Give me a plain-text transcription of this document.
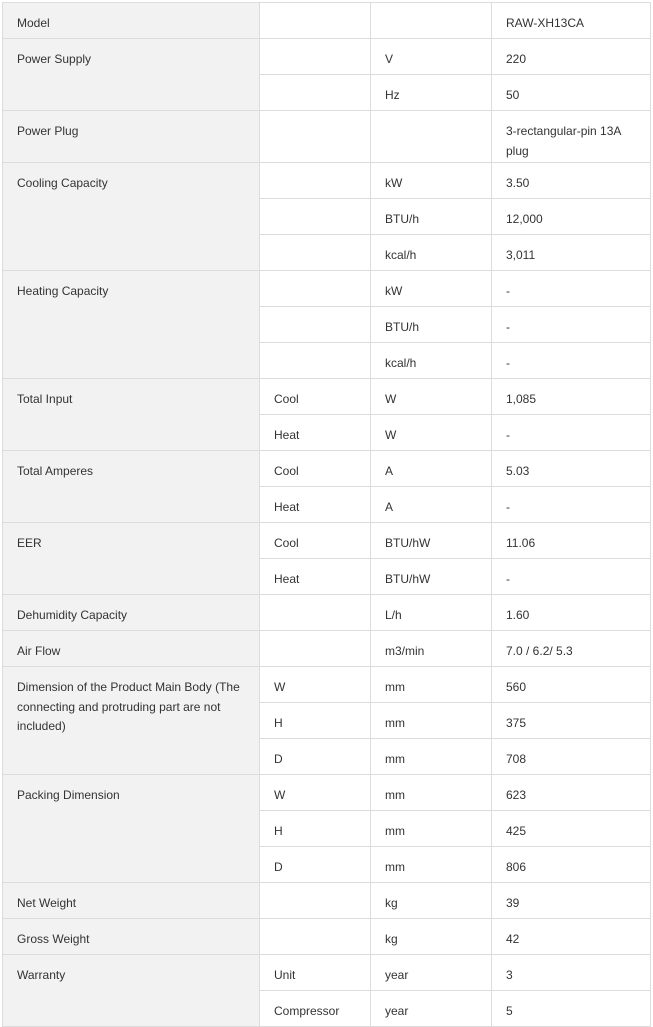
Model			RAW-XH13CA
Power Supply		V	220
		Hz	50
Power Plug			3-rectangular-pin 13A plug
Cooling Capacity		kW	3.50
		BTU/h	12,000
		kcal/h	3,011
Heating Capacity		kW	-
		BTU/h	-
		kcal/h	-
Total Input	Cool	W	1,085
	Heat	W	-
Total Amperes	Cool	A	5.03
	Heat	A	-
EER	Cool	BTU/hW	11.06
	Heat	BTU/hW	-
Dehumidity Capacity		L/h	1.60
Air Flow		m3/min	7.0 / 6.2/ 5.3
Dimension of the Product Main Body (The connecting and protruding part are not included)	W	mm	560
	H	mm	375
	D	mm	708
Packing Dimension	W	mm	623
	H	mm	425
	D	mm	806
Net Weight		kg	39
Gross Weight		kg	42
Warranty	Unit	year	3
	Compressor	year	5
